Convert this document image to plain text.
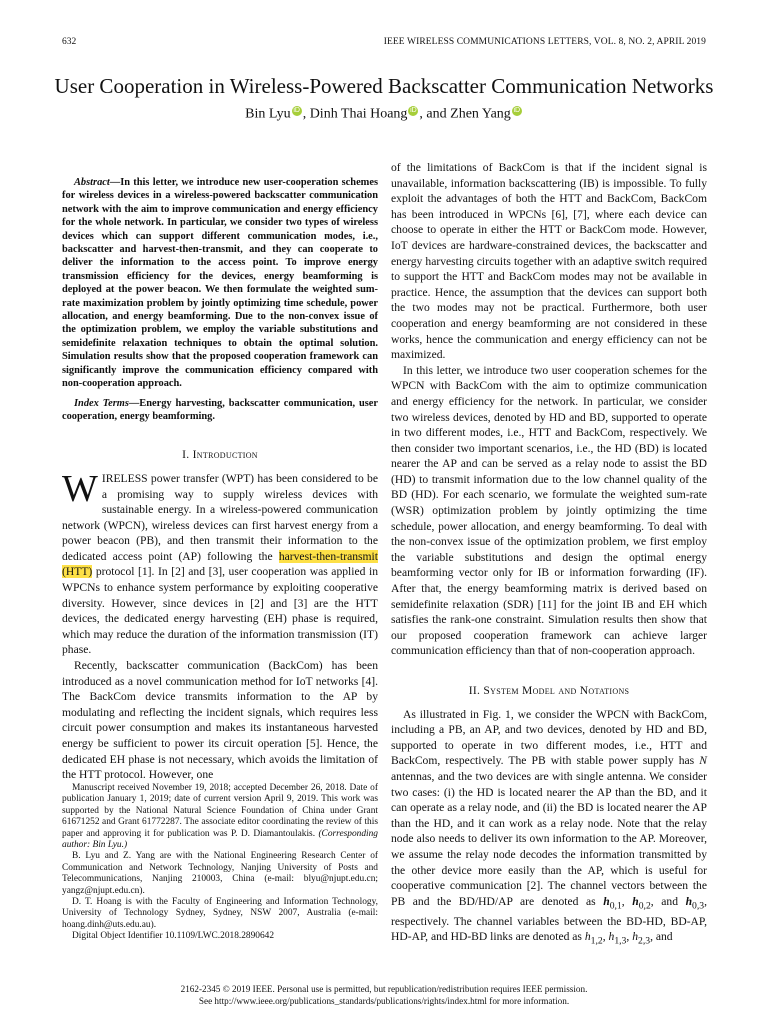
632	IEEE WIRELESS COMMUNICATIONS LETTERS, VOL. 8, NO. 2, APRIL 2019
User Cooperation in Wireless-Powered Backscatter Communication Networks
Bin Lyu iD , Dinh Thai Hoang iD , and Zhen Yang iD
Abstract—In this letter, we introduce new user-cooperation schemes for wireless devices in a wireless-powered backscatter communication network with the aim to improve communication and energy efficiency for the whole network. In particular, we consider two types of wireless devices which can support different communication modes, i.e., backscatter and harvest-then-transmit, and they can cooperate to deliver the information to the access point. To improve energy transmission efficiency for the devices, energy beamforming is deployed at the power beacon. We then formulate the weighted sum-rate maximization problem by jointly optimizing time schedule, power allocation, and energy beamforming. Due to the non-convex issue of the optimization problem, we employ the variable substitutions and semidefinite relaxation techniques to obtain the optimal solution. Simulation results show that the proposed cooperation framework can significantly improve the communication efficiency compared with non-cooperation approach.
Index Terms—Energy harvesting, backscatter communication, user cooperation, energy beamforming.
I. Introduction

WIRELESS power transfer (WPT) has been considered to be a promising way to supply wireless devices with sustainable energy. In a wireless-powered communication network (WPCN), wireless devices can first harvest energy from a power beacon (PB), and then transmit their information to the dedicated access point (AP) following the harvest-then-transmit (HTT) protocol [1]. In [2] and [3], user cooperation was applied in WPCNs to enhance system performance by exploiting cooperative diversity. However, since devices in [2] and [3] are the HTT devices, the dedicated energy harvesting (EH) phase is required, which may reduce the duration of the information transmission (IT) phase.

Recently, backscatter communication (BackCom) has been introduced as a novel communication method for IoT networks [4]. The BackCom device transmits information to the AP by modulating and reflecting the incident signals, which requires less circuit power consumption and makes its instantaneous harvested energy be sufficient to power its circuit operation [5]. Hence, the dedicated EH phase is not necessary, which avoids the limitation of the HTT protocol. However, one

Manuscript received November 19, 2018; accepted December 26, 2018. Date of publication January 1, 2019; date of current version April 9, 2019. This work was supported by the National Natural Science Foundation of China under Grant 61671252 and Grant 61772287. The associate editor coordinating the review of this paper and approving it for publication was P. D. Diamantoulakis. (Corresponding author: Bin Lyu.)

B. Lyu and Z. Yang are with the National Engineering Research Center of Communication and Network Technology, Nanjing University of Posts and Telecommunications, Nanjing 210003, China (e-mail: blyu@njupt.edu.cn; yangz@njupt.edu.cn).

D. T. Hoang is with the Faculty of Engineering and Information Technology, University of Technology Sydney, Sydney, NSW 2007, Australia (e-mail: hoang.dinh@uts.edu.au).

Digital Object Identifier 10.1109/LWC.2018.2890642

of the limitations of BackCom is that if the incident signal is unavailable, information backscattering (IB) is impossible. To fully exploit the advantages of both the HTT and BackCom, BackCom has been introduced in WPCNs [6], [7], where each device can choose to operate in either the HTT or BackCom mode. However, IoT devices are hardware-constrained devices, the backscatter and energy harvesting circuits together with an adaptive switch required to support the HTT and BackCom modes may not be available in practice. Hence, the assumption that the devices can support both the two modes may not be practical. Furthermore, both user cooperation and energy beamforming are not considered in these works, hence the communication and energy efficiency can not be maximized.

In this letter, we introduce two user cooperation schemes for the WPCN with BackCom with the aim to optimize communication and energy efficiency for the network. In particular, we consider two wireless devices, denoted by HD and BD, supported to operate in two different modes, i.e., HTT and BackCom, respectively. We then consider two important scenarios, i.e., the HD (BD) is located nearer the AP and can be served as a relay node to assist the BD (HD) to transmit information due to the low channel quality of the BD (HD). For each scenario, we formulate the weighted sum-rate (WSR) optimization problem by jointly optimizing the time schedule, power allocation, and energy beamforming. To deal with the non-convex issue of the optimization problem, we first employ the variable substitutions and design the optimal energy beamforming vector only for IB or information forwarding (IF). After that, the energy beamforming matrix is derived based on semidefinite relaxation (SDR) [11] for the joint IB and EH which satisfies the rank-one constraint. Simulation results then show that our proposed cooperation framework can achieve larger communication efficiency than that of non-cooperation approach.

II. System Model and Notations

As illustrated in Fig. 1, we consider the WPCN with BackCom, including a PB, an AP, and two devices, denoted by HD and BD, supported to operate in two different modes, i.e., HTT and BackCom, respectively. The PB with stable power supply has N antennas, and the two devices are with single antenna. We consider two cases: (i) the HD is located nearer the AP than the BD, and it can operate as a relay node, and (ii) the BD is located nearer the AP than the HD, and it can work as a relay node. Note that the relay node also needs to deliver its own information to the AP. Moreover, we assume the relay node decodes the information transmitted by the other device more easily than the AP, which is useful for cooperative communication [2]. The channel vectors between the PB and the BD/HD/AP are denoted as $h_{0,1}$, $h_{0,2}$, and $h_{0,3}$, respectively. The channel variables between the BD-HD, BD-AP, HD-AP, and HD-BD links are denoted as $h_{1,2}$, $h_{1,3}$, $h_{2,3}$, and

2162-2345 © 2019 IEEE. Personal use is permitted, but republication/redistribution requires IEEE permission.
See http://www.ieee.org/publications_standards/publications/rights/index.html for more information.
